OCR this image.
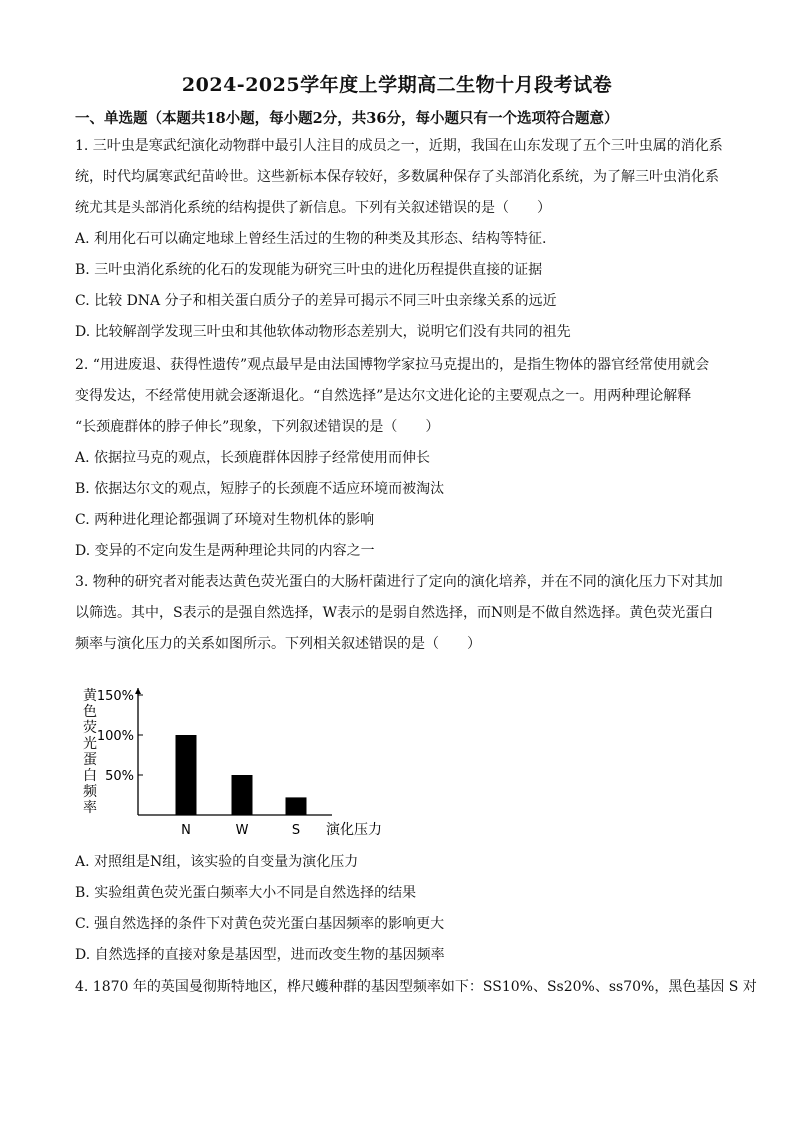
2024-2025学年度上学期高二生物十月段考试卷
一、单选题（本题共18小题，每小题2分，共36分，每小题只有一个选项符合题意）
1. 三叶虫是寒武纪演化动物群中最引人注目的成员之一，近期，我国在山东发现了五个三叶虫属的消化系
统，时代均属寒武纪苗岭世。这些新标本保存较好，多数属种保存了头部消化系统，为了解三叶虫消化系
统尤其是头部消化系统的结构提供了新信息。下列有关叙述错误的是（　　）
A. 利用化石可以确定地球上曾经生活过的生物的种类及其形态、结构等特征.
B. 三叶虫消化系统的化石的发现能为研究三叶虫的进化历程提供直接的证据
C. 比较 DNA 分子和相关蛋白质分子的差异可揭示不同三叶虫亲缘关系的远近
D. 比较解剖学发现三叶虫和其他软体动物形态差别大，说明它们没有共同的祖先
2. “用进废退、获得性遗传”观点最早是由法国博物学家拉马克提出的，是指生物体的器官经常使用就会
变得发达，不经常使用就会逐渐退化。“自然选择”是达尔文进化论的主要观点之一。用两种理论解释
“长颈鹿群体的脖子伸长”现象，下列叙述错误的是（　　）
A. 依据拉马克的观点，长颈鹿群体因脖子经常使用而伸长
B. 依据达尔文的观点，短脖子的长颈鹿不适应环境而被淘汰
C. 两种进化理论都强调了环境对生物机体的影响
D. 变异的不定向发生是两种理论共同的内容之一
3. 物种的研究者对能表达黄色荧光蛋白的大肠杆菌进行了定向的演化培养，并在不同的演化压力下对其加
以筛选。其中，S表示的是强自然选择，W表示的是弱自然选择，而N则是不做自然选择。黄色荧光蛋白
频率与演化压力的关系如图所示。下列相关叙述错误的是（　　）
A. 对照组是N组，该实验的自变量为演化压力
B. 实验组黄色荧光蛋白频率大小不同是自然选择的结果
C. 强自然选择的条件下对黄色荧光蛋白基因频率的影响更大
D. 自然选择的直接对象是基因型，进而改变生物的基因频率
4. 1870 年的英国曼彻斯特地区，桦尺蠖种群的基因型频率如下：SS10%、Ss20%、ss70%，黑色基因 S 对
50%
100%
150%
黄
色
荧
光
蛋
白
频
率
N	W	S 演化压力
